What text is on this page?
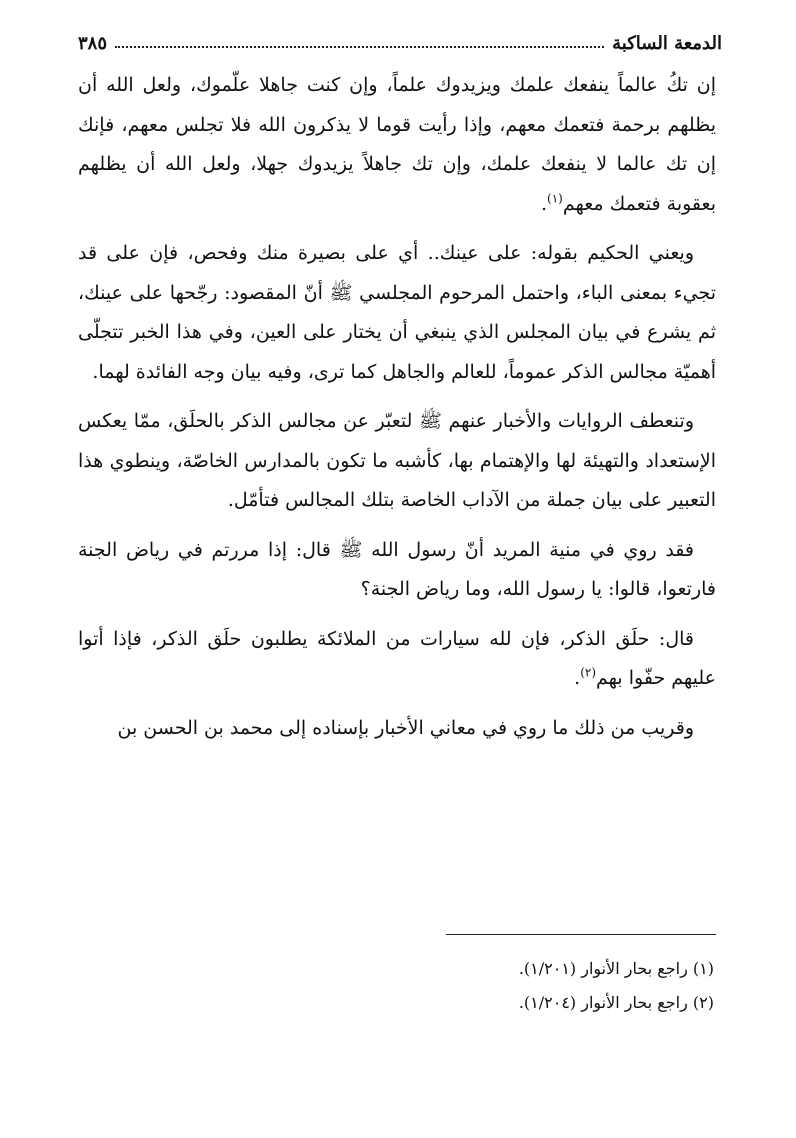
الدمعة الساكبة
٣٨٥

إن تكُ عالماً ينفعك علمك ويزيدوك علماً، وإن كنت جاهلا علّموك، ولعل الله أن يظلهم برحمة فتعمك معهم، وإذا رأيت قوما لا يذكرون الله فلا تجلس معهم، فإنك إن تك عالما لا ينفعك علمك، وإن تك جاهلاً يزيدوك جهلا، ولعل الله أن يظلهم بعقوبة فتعمك معهم$^{(١)}$.

ويعني الحكيم بقوله: على عينك.. أي على بصيرة منك وفحص، فإن على قد تجيء بمعنى الباء، واحتمل المرحوم المجلسي ﷺ أنّ المقصود: رجّحها على عينك، ثم يشرع في بيان المجلس الذي ينبغي أن يختار على العين، وفي هذا الخبر تتجلّى أهميّة مجالس الذكر عموماً، للعالم والجاهل كما ترى، وفيه بيان وجه الفائدة لهما.

وتنعطف الروايات والأخبار عنهم ﷺ لتعبّر عن مجالس الذكر بالحلَق، ممّا يعكس الإستعداد والتهيئة لها والإهتمام بها، كأشبه ما تكون بالمدارس الخاصّة، وينطوي هذا التعبير على بيان جملة من الآداب الخاصة بتلك المجالس فتأمّل.

فقد روي في منية المريد أنّ رسول الله ﷺ قال: إذا مررتم في رياض الجنة فارتعوا، قالوا: يا رسول الله، وما رياض الجنة؟

قال: حلَق الذكر، فإن لله سيارات من الملائكة يطلبون حلَق الذكر، فإذا أتوا عليهم حفّوا بهم$^{(٢)}$.

وقريب من ذلك ما روي في معاني الأخبار بإسناده إلى محمد بن الحسن بن

(١) راجع بحار الأنوار (١/٢٠١).
(٢) راجع بحار الأنوار (١/٢٠٤).
